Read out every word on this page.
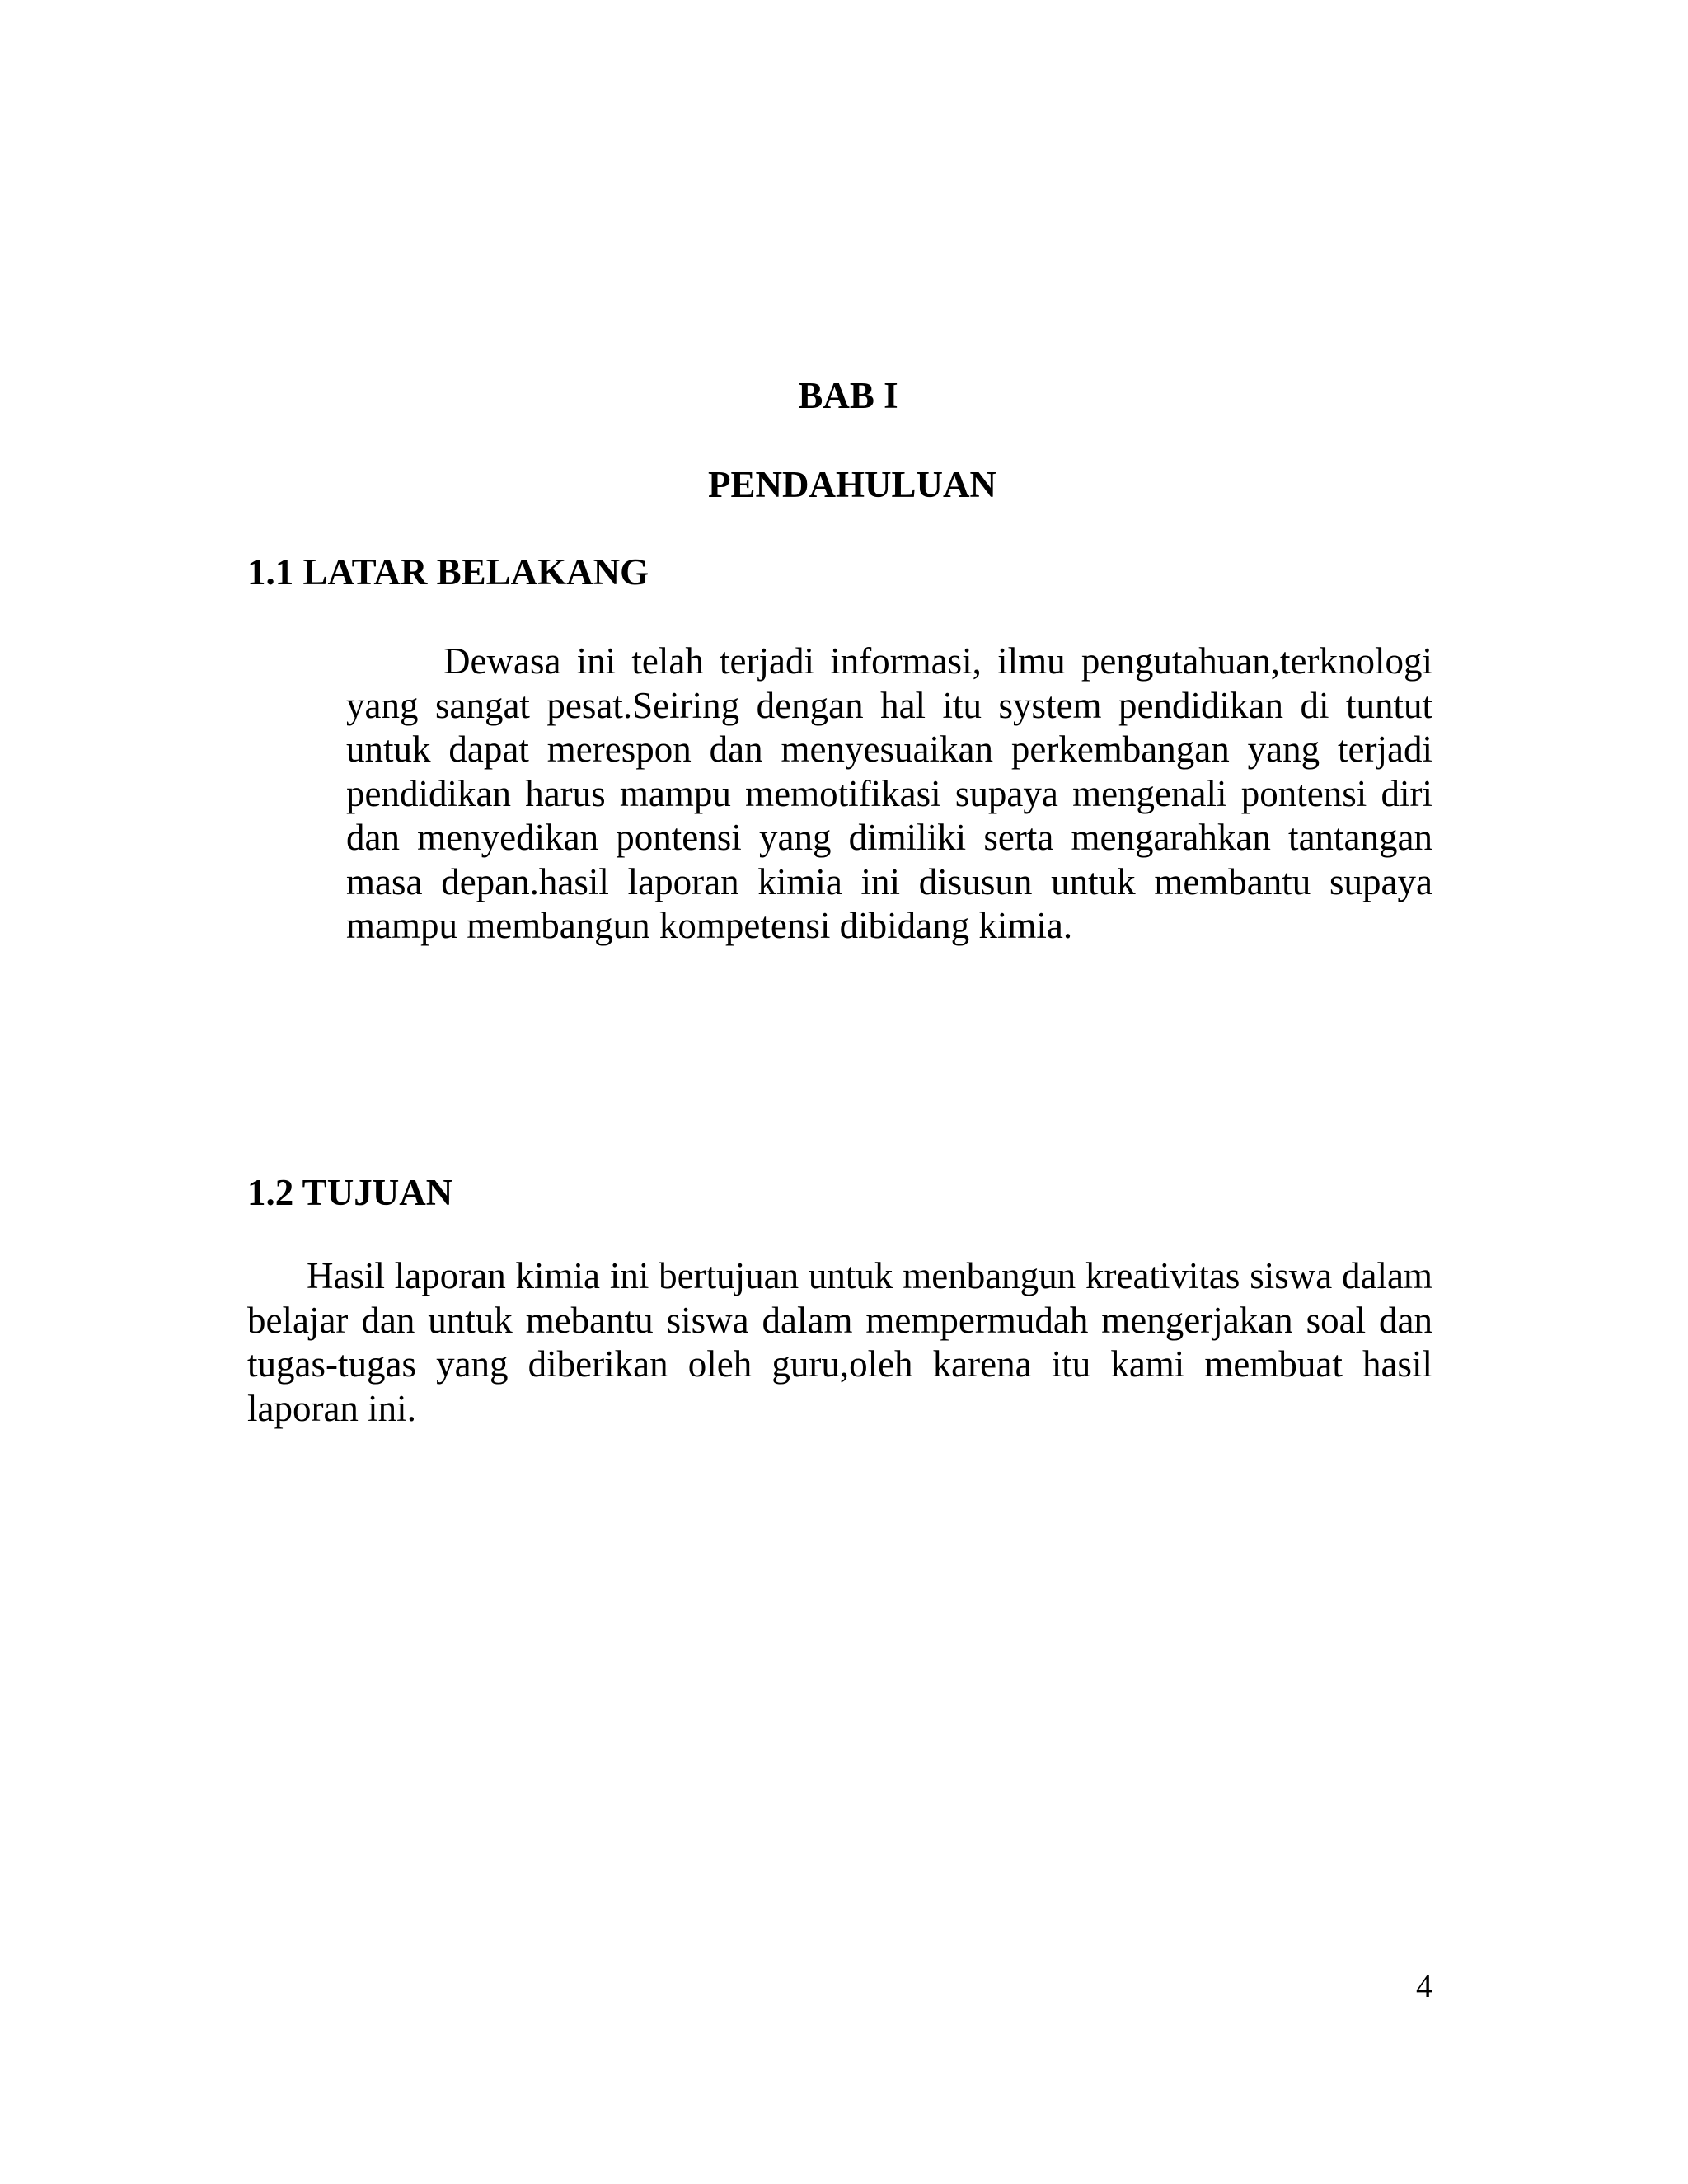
BAB I
PENDAHULUAN
1.1 LATAR BELAKANG

Dewasa ini telah terjadi informasi, ilmu pengutahuan,terknologi yang sangat pesat.Seiring dengan hal itu system pendidikan di tuntut untuk dapat merespon dan menyesuaikan perkembangan yang terjadi pendidikan harus mampu memotifikasi supaya mengenali pontensi diri dan menyedikan pontensi yang dimiliki serta mengarahkan tantangan masa depan.hasil laporan kimia ini disusun untuk membantu supaya mampu membangun kompetensi dibidang kimia.

1.2 TUJUAN

Hasil laporan kimia ini bertujuan untuk menbangun kreativitas siswa dalam belajar dan untuk mebantu siswa dalam mempermudah mengerjakan soal dan tugas-tugas yang diberikan oleh guru,oleh karena itu kami membuat hasil laporan ini.

4
